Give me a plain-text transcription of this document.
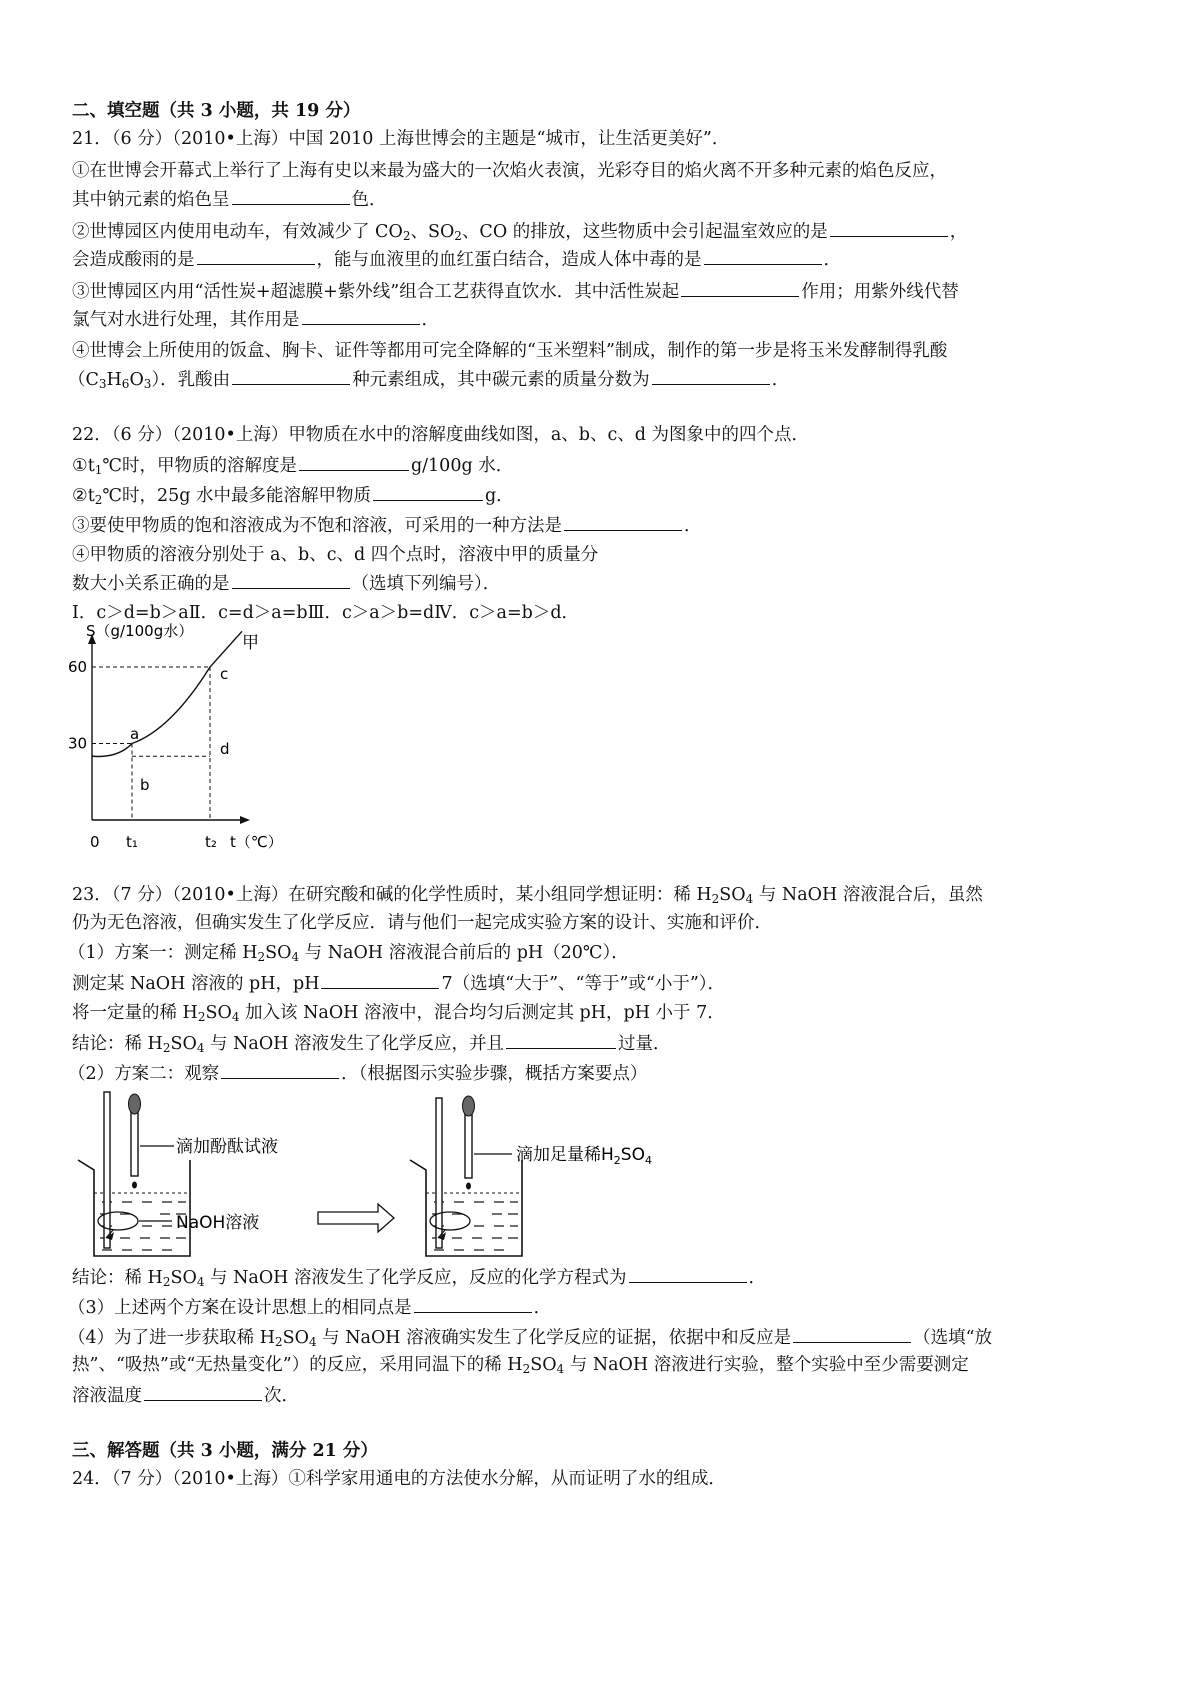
二、填空题（共 3 小题，共 19 分）
21．（6 分）（2010•上海）中国 2010 上海世博会的主题是“城市，让生活更美好”．
①在世博会开幕式上举行了上海有史以来最为盛大的一次焰火表演，光彩夺目的焰火离不开多种元素的焰色反应，
其中钠元素的焰色呈	色．
②世博园区内使用电动车，有效减少了 $CO_2$、$SO_2$、CO 的排放，这些物质中会引起温室效应的是	，
会造成酸雨的是	，能与血液里的血红蛋白结合，造成人体中毒的是	．
③世博园区内用“活性炭+超滤膜+紫外线”组合工艺获得直饮水．其中活性炭起	作用；用紫外线代替
氯气对水进行处理，其作用是	．
④世博会上所使用的饭盒、胸卡、证件等都用可完全降解的“玉米塑料”制成，制作的第一步是将玉米发酵制得乳酸
$(C_3H_6O_3)$．乳酸由	种元素组成，其中碳元素的质量分数为	．
22．（6 分）（2010•上海）甲物质在水中的溶解度曲线如图，a、b、c、d 为图象中的四个点．
$①t_1℃$时，甲物质的溶解度是	g/100g 水．
$②t_2℃$时，25g 水中最多能溶解甲物质	g．
③要使甲物质的饱和溶液成为不饱和溶液，可采用的一种方法是	．
④甲物质的溶液分别处于 a、b、c、d 四个点时，溶液中甲的质量分
数大小关系正确的是	（选填下列编号）．
Ⅰ．c＞d=b＞aⅡ．c=d＞a=bⅢ．c＞a＞b=dⅣ．c＞a=b＞d．
S（g/100g水）
甲
60
30
0 t₁	t₂ t（℃）
a
b
c
d
23．（7 分）（2010•上海）在研究酸和碱的化学性质时，某小组同学想证明：稀 $H_2SO_4$ 与 NaOH 溶液混合后，虽然
仍为无色溶液，但确实发生了化学反应．请与他们一起完成实验方案的设计、实施和评价．
（1）方案一：测定稀 $H_2SO_4$ 与 NaOH 溶液混合前后的 pH（20℃）．
测定某 NaOH 溶液的 pH，pH	7（选填“大于”、“等于”或“小于”）．
将一定量的稀 $H_2SO_4$ 加入该 NaOH 溶液中，混合均匀后测定其 pH，pH 小于 7．
结论：稀 $H_2SO_4$ 与 NaOH 溶液发生了化学反应，并且	过量．
（2）方案二：观察	．（根据图示实验步骤，概括方案要点）
滴加酚酞试液
NaOH溶液
滴加足量稀$H_2SO_4$
结论：稀 $H_2SO_4$ 与 NaOH 溶液发生了化学反应，反应的化学方程式为	．
（3）上述两个方案在设计思想上的相同点是	．
（4）为了进一步获取稀 $H_2SO_4$ 与 NaOH 溶液确实发生了化学反应的证据，依据中和反应是	（选填“放
热”、“吸热”或“无热量变化”）的反应，采用同温下的稀 $H_2SO_4$ 与 NaOH 溶液进行实验，整个实验中至少需要测定
溶液温度	次．
三、解答题（共 3 小题，满分 21 分）
24．（7 分）（2010•上海）①科学家用通电的方法使水分解，从而证明了水的组成．
